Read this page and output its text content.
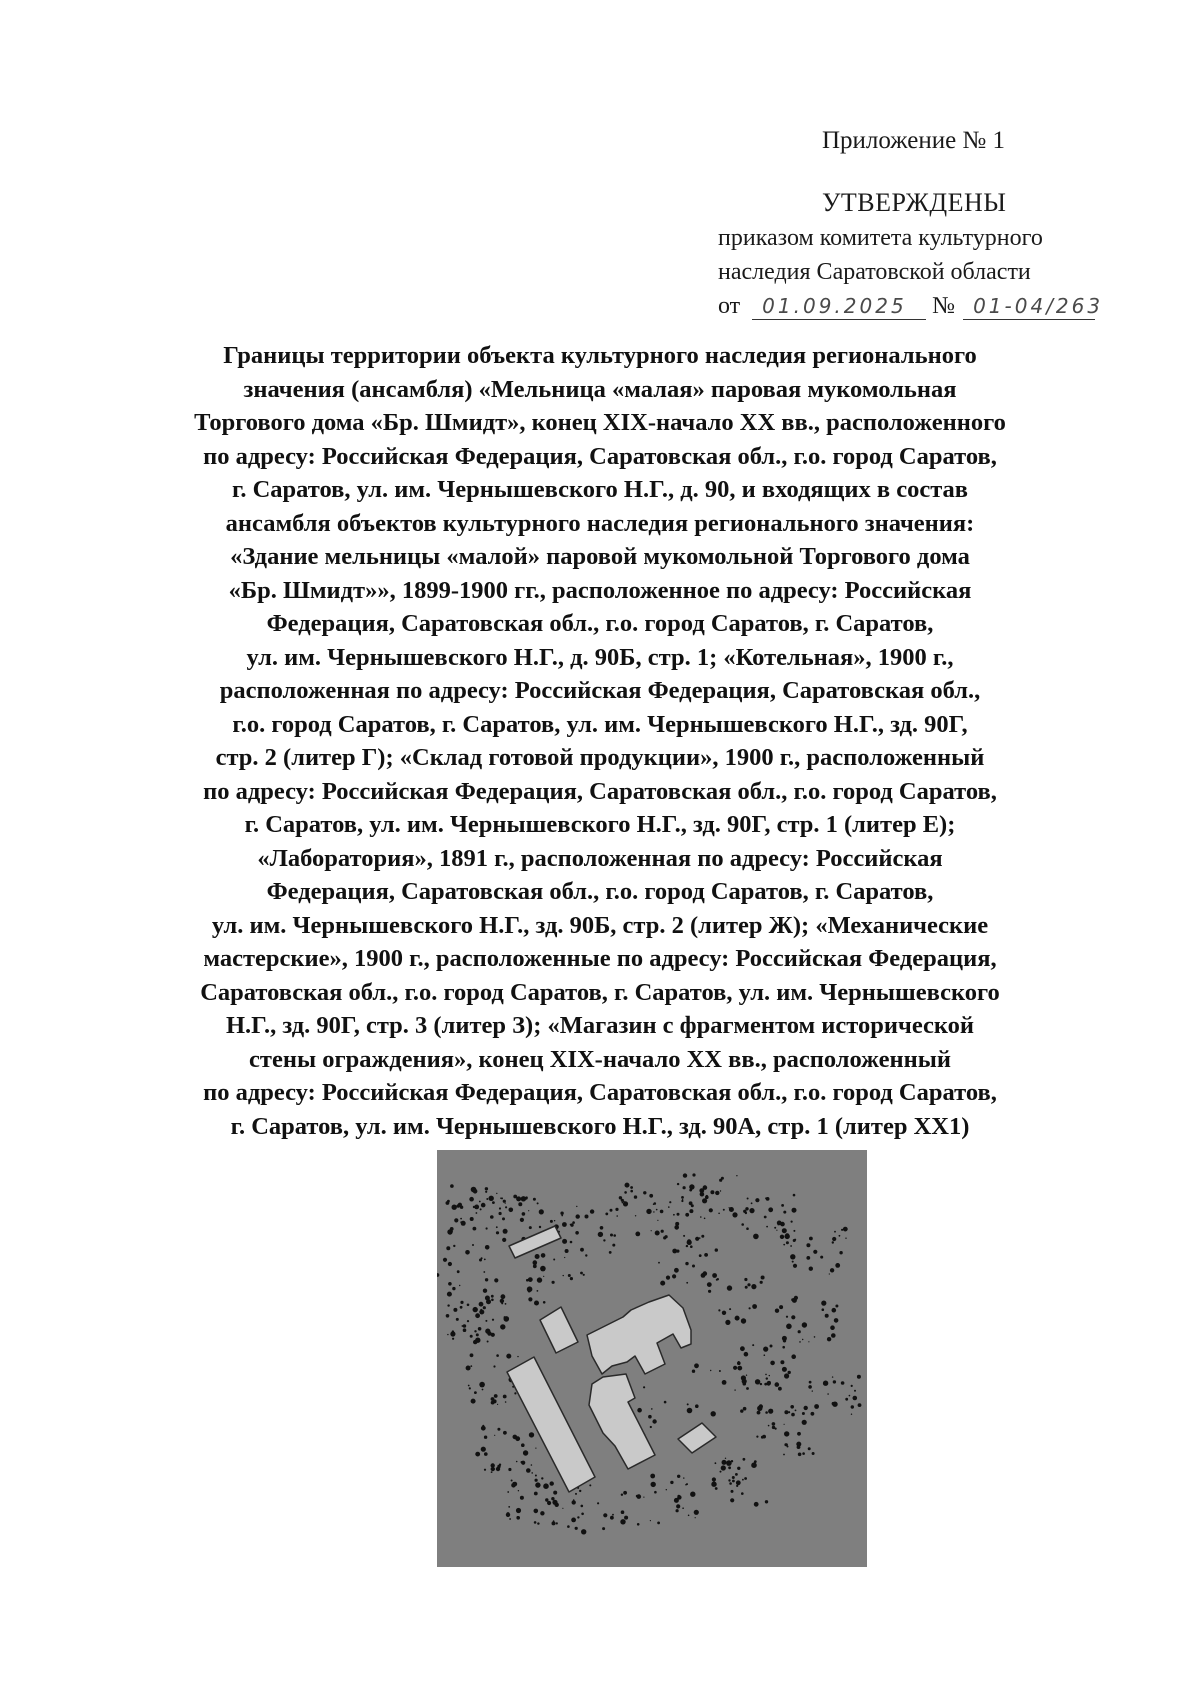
Приложение № 1
УТВЕРЖДЕНЫ
приказом комитета культурного
наследия Саратовской области
от 01.09.2025 № 01-04/263
Границы территории объекта культурного наследия регионального
значения (ансамбля) «Мельница «малая» паровая мукомольная
Торгового дома «Бр. Шмидт», конец XIX-начало XX вв., расположенного
по адресу: Российская Федерация, Саратовская обл., г.о. город Саратов,
г. Саратов, ул. им. Чернышевского Н.Г., д. 90, и входящих в состав
ансамбля объектов культурного наследия регионального значения:
«Здание мельницы «малой» паровой мукомольной Торгового дома
«Бр. Шмидт»», 1899-1900 гг., расположенное по адресу: Российская
Федерация, Саратовская обл., г.о. город Саратов, г. Саратов,
ул. им. Чернышевского Н.Г., д. 90Б, стр. 1; «Котельная», 1900 г.,
расположенная по адресу: Российская Федерация, Саратовская обл.,
г.о. город Саратов, г. Саратов, ул. им. Чернышевского Н.Г., зд. 90Г,
стр. 2 (литер Г); «Склад готовой продукции», 1900 г., расположенный
по адресу: Российская Федерация, Саратовская обл., г.о. город Саратов,
г. Саратов, ул. им. Чернышевского Н.Г., зд. 90Г, стр. 1 (литер Е);
«Лаборатория», 1891 г., расположенная по адресу: Российская
Федерация, Саратовская обл., г.о. город Саратов, г. Саратов,
ул. им. Чернышевского Н.Г., зд. 90Б, стр. 2 (литер Ж); «Механические
мастерские», 1900 г., расположенные по адресу: Российская Федерация,
Саратовская обл., г.о. город Саратов, г. Саратов, ул. им. Чернышевского
Н.Г., зд. 90Г, стр. 3 (литер З); «Магазин с фрагментом исторической
стены ограждения», конец XIX-начало XX вв., расположенный
по адресу: Российская Федерация, Саратовская обл., г.о. город Саратов,
г. Саратов, ул. им. Чернышевского Н.Г., зд. 90А, стр. 1 (литер XX1)
